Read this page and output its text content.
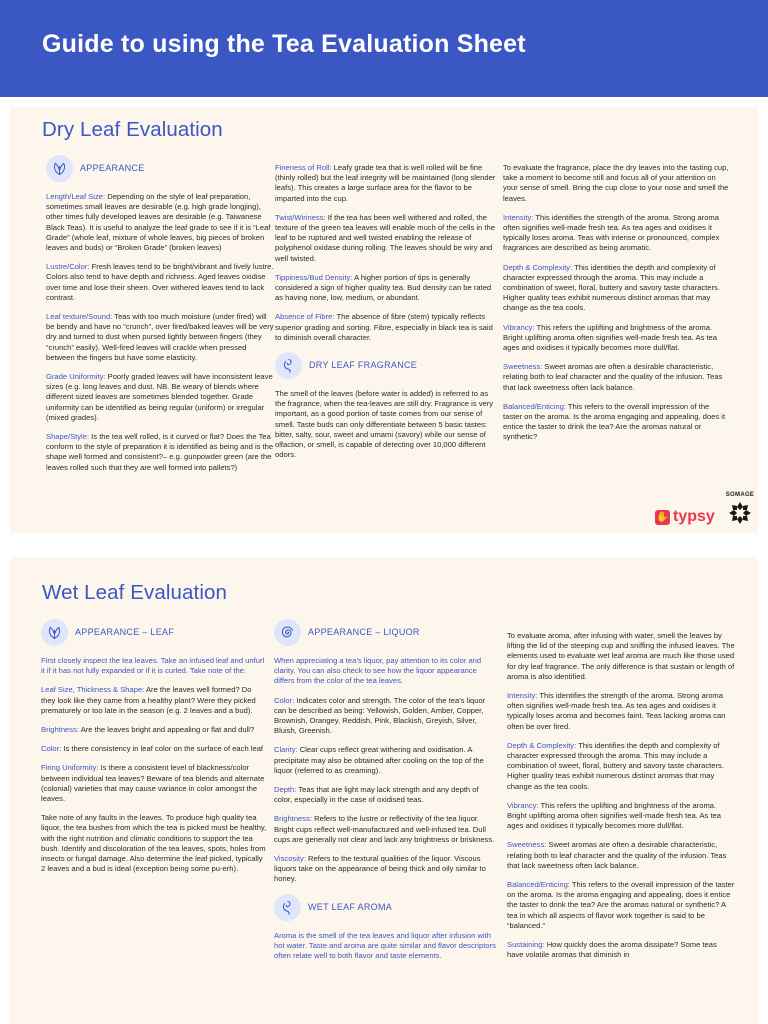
Guide to using the Tea Evaluation Sheet
Dry Leaf Evaluation
APPEARANCE

Length/Leaf Size: Depending on the style of leaf preparation, sometimes small leaves are desirable (e.g. high grade longjing), other times fully developed leaves are desirable (e.g. Taiwanese Black Teas). It is useful to analyze the leaf grade to see if it is “Leaf Grade” (whole leaf, mixture of whole leaves, big pieces of broken leaves and buds) or “Broken Grade” (broken leaves)

Lustre/Color: Fresh leaves tend to be bright/vibrant and lively lustre. Colors also tend to have depth and richness. Aged leaves oxidise over time and lose their sheen. Over withered leaves tend to lack contrast.

Leaf texture/Sound: Teas with too much moisture (under fired) will be bendy and have no “crunch”, over fired/baked leaves will be very dry and turned to dust when pursed lightly between fingers (they “crunch” easily). Well-fired leaves will crackle when pressed between the fingers but have some elasticity.

Grade Uniformity: Poorly graded leaves will have inconsistent leave sizes (e.g. long leaves and dust. NB. Be weary of blends where different sized leaves are sometimes blended together. Grade uniformity can be identified as being regular (uniform) or irregular (mixed grades).

Shape/Style: Is the tea well rolled, is it curved or flat? Does the Tea conform to the style of preparation it is identified as being and is the shape well formed and consistent?– e.g. gunpowder green (are the leaves rolled such that they are well formed into pallets?)

Fineness of Roll: Leafy grade tea that is well rolled will be fine (thinly rolled) but the leaf integrity will be maintained (long slender leafs). This creates a large surface area for the flavor to be imparted into the cup.

Twist/Wiriness: If the tea has been well withered and rolled, the texture of the green tea leaves will enable much of the cells in the leaf to be ruptured and well twisted enabling the release of polyphenol oxidase during rolling. The leaves should be wiry and well twisted.

Tippiness/Bud Density: A higher portion of tips is generally considered a sign of higher quality tea. Bud density can be rated as having none, low, medium, or abundant.

Absence of Fibre: The absence of fibre (stem) typically reflects superior grading and sorting. Fibre, especially in black tea is said to diminish overall character.

DRY LEAF FRAGRANCE

The smell of the leaves (before water is added) is referred to as the fragrance, when the tea-leaves are still dry. Fragrance is very important, as a good portion of taste comes from our sense of smell. Taste buds can only differentiate between 5 basic tastes: bitter, salty, sour, sweet and umami (savory) while our sense of olfaction, or smell, is capable of detecting over 10,000 different odors.

To evaluate the fragrance, place the dry leaves into the tasting cup, take a moment to become still and focus all of your attention on your sense of smell. Bring the cup close to your nose and smell the leaves.

Intensity: This identifies the strength of the aroma. Strong aroma often signifies well-made fresh tea. As tea ages and oxidises it typically loses aroma. Teas with intense or pronounced, complex fragrances are described as being aromatic.

Depth & Complexity: This identities the depth and complexity of character expressed through the aroma. This may include a combination of sweet, floral, buttery and savory taste characters. Higher quality teas exhibit numerous distinct aromas that may change as the tea cools.

Vibrancy: This refers the uplifting and brightness of the aroma. Bright uplifting aroma often signifies well-made fresh tea. As tea ages and oxidises it typically becomes more dull/flat.

Sweetness: Sweet aromas are often a desirable characteristic, relating both to leaf character and the quality of the infusion. Teas that lack sweetness often lack balance.

Balanced/Enticing: This refers to the overall impression of the taster on the aroma. Is the aroma engaging and appealing, does it entice the taster to drink the tea? Are the aromas natural or synthetic?

✋ typsy
SOMAGE
Wet Leaf Evaluation
APPEARANCE – LEAF

First closely inspect the tea leaves. Take an infused leaf and unfurl it if it has not fully expanded or if it is curled. Take note of the:

Leaf Size, Thickness & Shape: Are the leaves well formed? Do they look like they came from a healthy plant? Were they picked prematurely or too late in the season (e.g. 2 leaves and a bud).

Brightness: Are the leaves bright and appealing or flat and dull?

Color: Is there consistency in leaf color on the surface of each leaf

Firing Uniformity: Is there a consistent level of blackness/color between individual tea leaves? Beware of tea blends and alternate (colonial) varieties that may cause variance in color amongst the leaves.

Take note of any faults in the leaves. To produce high quality tea liquor, the tea bushes from which the tea is picked must be healthy, with the right nutrition and climatic conditions to support the tea bush. Identify and discoloration of the tea leaves, spots, holes from insects or fungal damage. Also determine the leaf picked, typically 2 leaves and a bud is ideal (exception being some pu-erh).

APPEARANCE – LIQUOR

When appreciating a tea’s liquor, pay attention to its color and clarity. You can also check to see how the liquor appearance differs from the color of the tea leaves.

Color: Indicates color and strength. The color of the tea’s liquor can be described as being: Yellowish, Golden, Amber, Copper, Brownish, Orangey, Reddish, Pink, Blackish, Greyish, Silver, Bluish, Greenish.

Clarity: Clear cups reflect great withering and oxidisation. A precipitate may also be obtained after cooling on the top of the liquor (referred to as creaming).

Depth: Teas that are light may lack strength and any depth of color, especially in the case of oxidised teas.

Brightness: Refers to the lustre or reflectivity of the tea liquor. Bright cups reflect well-manufactured and well-infused tea. Dull cups are generally not clear and lack any brightness or briskness.

Viscosity: Refers to the textural qualities of the liquor. Viscous liquors take on the appearance of being thick and oily similar to honey.

WET LEAF AROMA

Aroma is the smell of the tea leaves and liquor after infusion with hot water. Taste and aroma are quite similar and flavor descriptors often relate well to both flavor and taste elements.

To evaluate aroma, after infusing with water, smell the leaves by lifting the lid of the steeping cup and sniffing the infused leaves. The elements used to evaluate wet leaf aroma are much like those used for dry leaf fragrance. The only difference is that sustain or length of aroma is also identified.

Intensity: This identifies the strength of the aroma. Strong aroma often signifies well-made fresh tea. As tea ages and oxidises it typically loses aroma and becomes faint. Teas lacking aroma can often be over fired.

Depth & Complexity: This identifies the depth and complexity of character expressed through the aroma. This may include a combination of sweet, floral, buttery and savory taste characters. Higher quality teas exhibit numerous distinct aromas that may change as the tea cools.

Vibrancy: This refers the uplifting and brightness of the aroma. Bright uplifting aroma often signifies well-made fresh tea. As tea ages and oxidises it typically becomes more dull/flat.

Sweetness: Sweet aromas are often a desirable characteristic, relating both to leaf character and the quality of the infusion. Teas that lack sweetness often lack balance.

Balanced/Enticing: This refers to the overall impression of the taster on the aroma. Is the aroma engaging and appealing, does it entice the taster to drink the tea? Are the aromas natural or synthetic? A tea in which all aspects of flavor work together is said to be “balanced.”

Sustaining: How quickly does the aroma dissipate? Some teas have volatile aromas that diminish in
